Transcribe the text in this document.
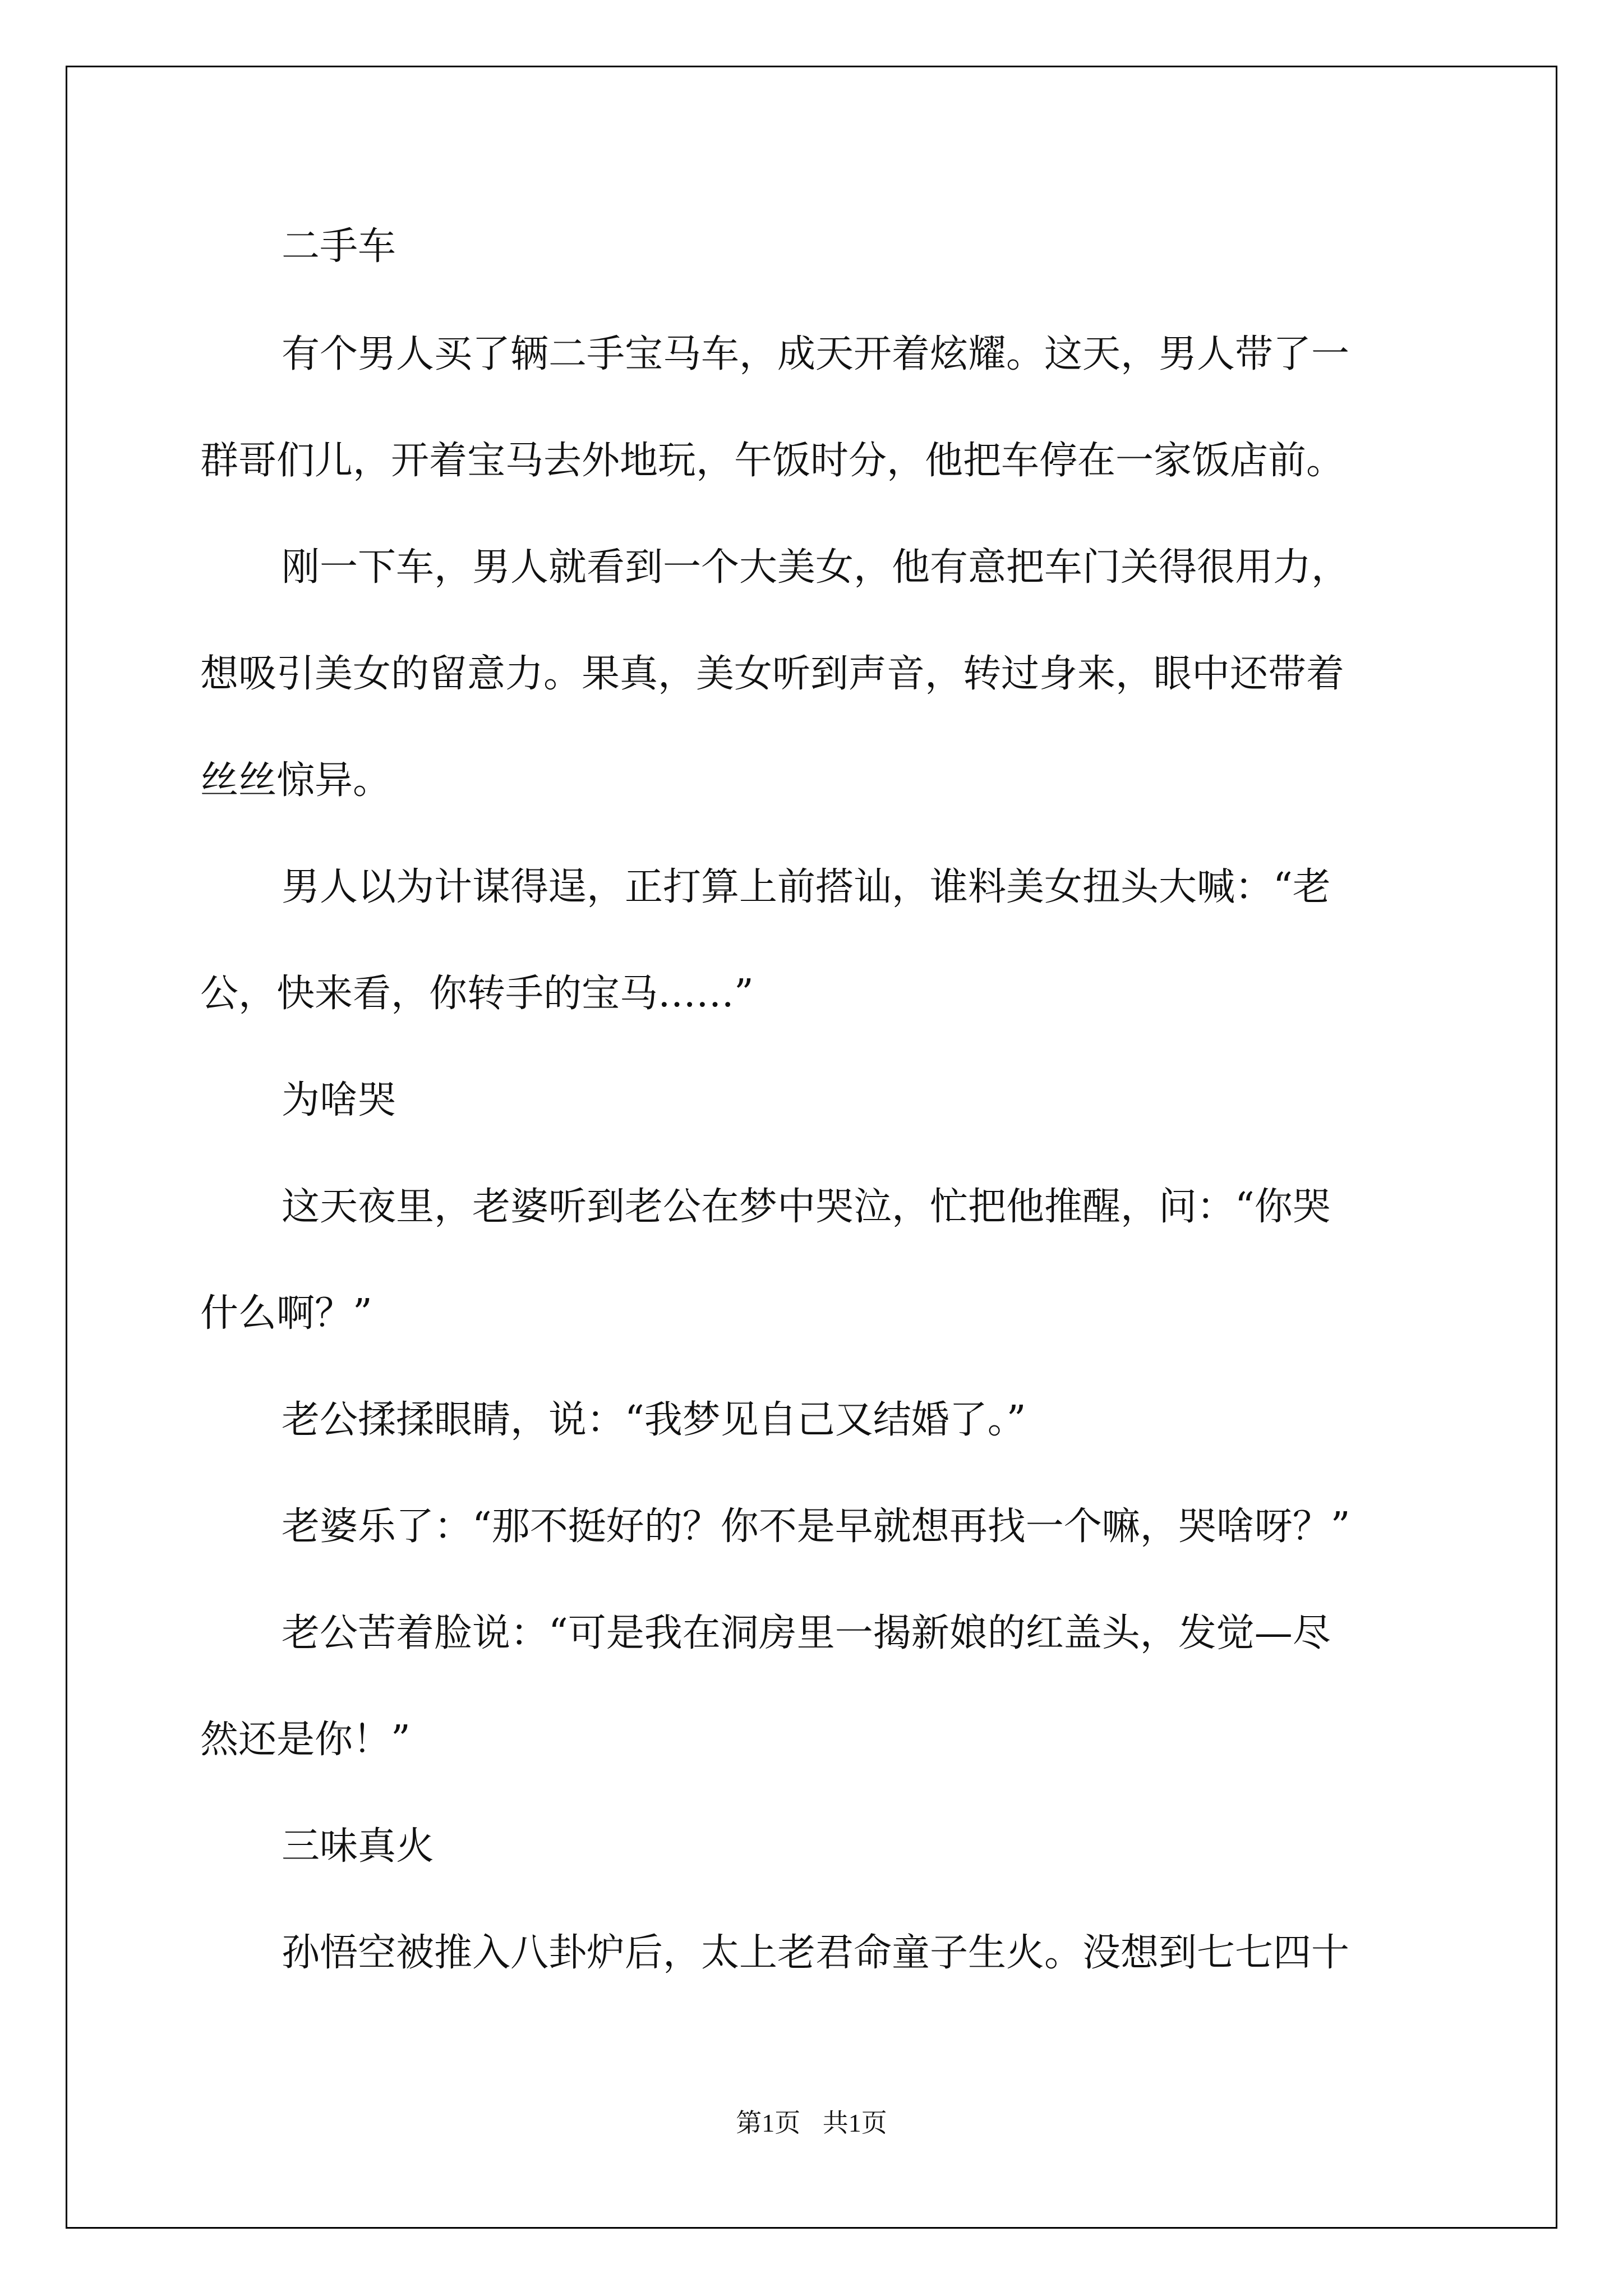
二手车
有个男人买了辆二手宝马车，成天开着炫耀。这天，男人带了一
群哥们儿，开着宝马去外地玩，午饭时分，他把车停在一家饭店前。
刚一下车，男人就看到一个大美女，他有意把车门关得很用力，
想吸引美女的留意力。果真，美女听到声音，转过身来，眼中还带着
丝丝惊异。
男人以为计谋得逞，正打算上前搭讪，谁料美女扭头大喊：“老
公，快来看，你转手的宝马……”
为啥哭
这天夜里，老婆听到老公在梦中哭泣，忙把他推醒，问：“你哭
什么啊？”
老公揉揉眼睛，说：“我梦见自己又结婚了。”
老婆乐了：“那不挺好的？你不是早就想再找一个嘛，哭啥呀？”
老公苦着脸说：“可是我在洞房里一揭新娘的红盖头，发觉—尽
然还是你！”
三味真火
孙悟空被推入八卦炉后，太上老君命童子生火。没想到七七四十
第1页 共1页
